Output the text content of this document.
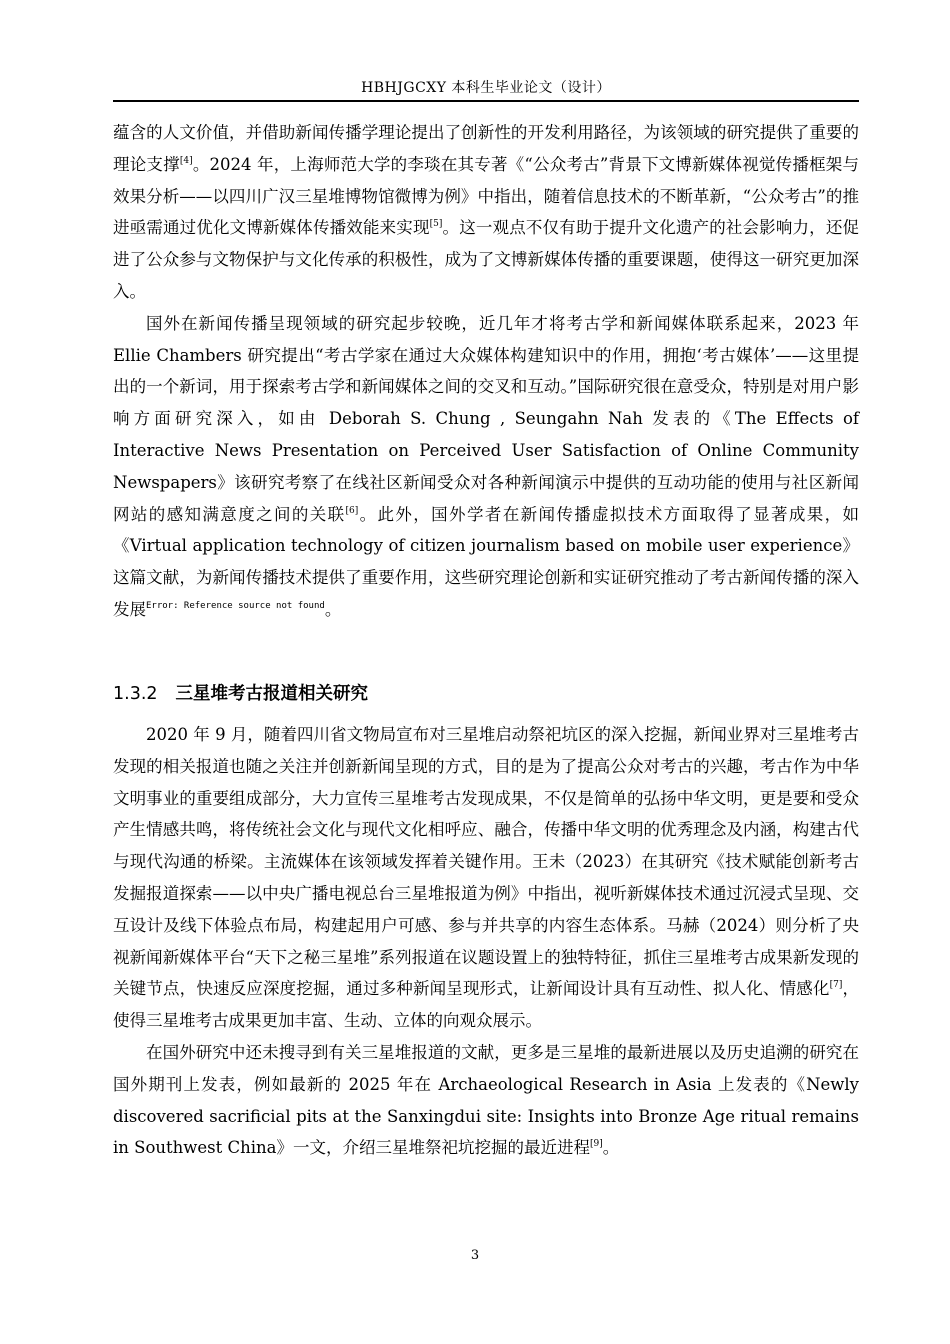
HBHJGCXY 本科生毕业论文（设计）

蕴含的人文价值，并借助新闻传播学理论提出了创新性的开发利用路径，为该领域的研究提供了重要的理论支撑[4]。2024 年，上海师范大学的李琰在其专著《“公众考古”背景下文博新媒体视觉传播框架与效果分析——以四川广汉三星堆博物馆微博为例》中指出，随着信息技术的不断革新，“公众考古”的推进亟需通过优化文博新媒体传播效能来实现[5]。这一观点不仅有助于提升文化遗产的社会影响力，还促进了公众参与文物保护与文化传承的积极性，成为了文博新媒体传播的重要课题，使得这一研究更加深入。

国外在新闻传播呈现领域的研究起步较晚，近几年才将考古学和新闻媒体联系起来，2023 年 Ellie Chambers 研究提出“考古学家在通过大众媒体构建知识中的作用，拥抱‘考古媒体’——这里提出的一个新词，用于探索考古学和新闻媒体之间的交叉和互动。”国际研究很在意受众，特别是对用户影响方面研究深入，如由 Deborah S. Chung , Seungahn Nah 发表的《The Effects of Interactive News Presentation on Perceived User Satisfaction of Online Community Newspapers》该研究考察了在线社区新闻受众对各种新闻演示中提供的互动功能的使用与社区新闻网站的感知满意度之间的关联[6]。此外，国外学者在新闻传播虚拟技术方面取得了显著成果，如《Virtual application technology of citizen journalism based on mobile user experience》这篇文献，为新闻传播技术提供了重要作用，这些研究理论创新和实证研究推动了考古新闻传播的深入发展$^{Error: Reference source not found}$。

1.3.2 三星堆考古报道相关研究

2020 年 9 月，随着四川省文物局宣布对三星堆启动祭祀坑区的深入挖掘，新闻业界对三星堆考古发现的相关报道也随之关注并创新新闻呈现的方式，目的是为了提高公众对考古的兴趣，考古作为中华文明事业的重要组成部分，大力宣传三星堆考古发现成果，不仅是简单的弘扬中华文明，更是要和受众产生情感共鸣，将传统社会文化与现代文化相呼应、融合，传播中华文明的优秀理念及内涵，构建古代与现代沟通的桥梁。主流媒体在该领域发挥着关键作用。王未（2023）在其研究《技术赋能创新考古发掘报道探索——以中央广播电视总台三星堆报道为例》中指出，视听新媒体技术通过沉浸式呈现、交互设计及线下体验点布局，构建起用户可感、参与并共享的内容生态体系。马赫（2024）则分析了央视新闻新媒体平台“天下之秘三星堆”系列报道在议题设置上的独特特征，抓住三星堆考古成果新发现的关键节点，快速反应深度挖掘，通过多种新闻呈现形式，让新闻设计具有互动性、拟人化、情感化[7]，使得三星堆考古成果更加丰富、生动、立体的向观众展示。

在国外研究中还未搜寻到有关三星堆报道的文献，更多是三星堆的最新进展以及历史追溯的研究在国外期刊上发表，例如最新的 2025 年在 Archaeological Research in Asia 上发表的《Newly discovered sacrificial pits at the Sanxingdui site: Insights into Bronze Age ritual remains in Southwest China》一文，介绍三星堆祭祀坑挖掘的最近进程[9]。

3
